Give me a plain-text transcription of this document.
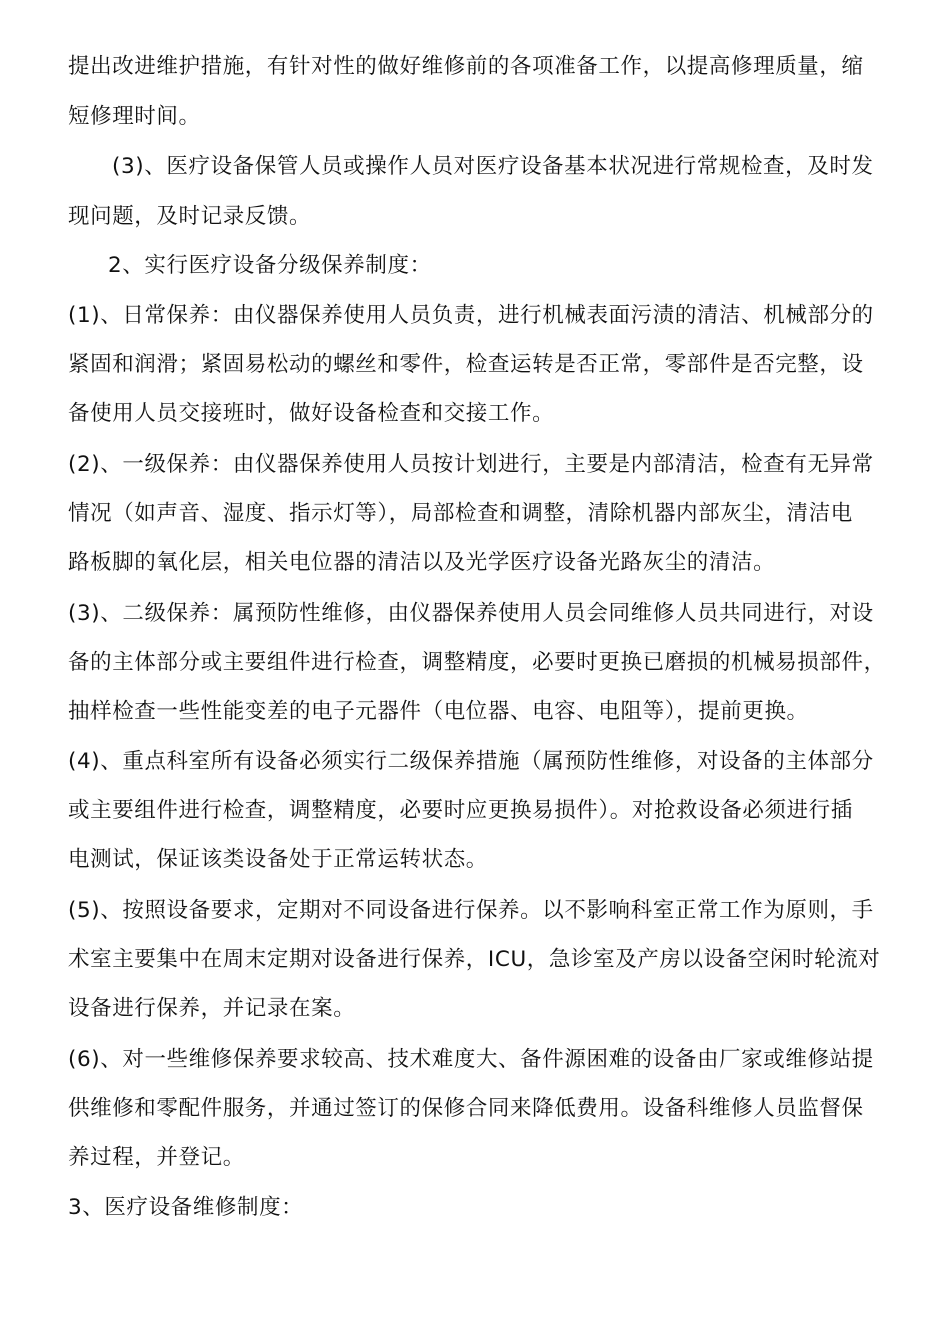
提出改进维护措施，有针对性的做好维修前的各项准备工作，以提高修理质量，缩
短修理时间。
(3)、医疗设备保管人员或操作人员对医疗设备基本状况进行常规检查，及时发
现问题，及时记录反馈。
2、实行医疗设备分级保养制度：
(1)、日常保养：由仪器保养使用人员负责，进行机械表面污渍的清洁、机械部分的
紧固和润滑；紧固易松动的螺丝和零件，检查运转是否正常，零部件是否完整，设
备使用人员交接班时，做好设备检查和交接工作。
(2)、一级保养：由仪器保养使用人员按计划进行，主要是内部清洁，检查有无异常
情况（如声音、湿度、指示灯等），局部检查和调整，清除机器内部灰尘，清洁电
路板脚的氧化层，相关电位器的清洁以及光学医疗设备光路灰尘的清洁。
(3)、二级保养：属预防性维修，由仪器保养使用人员会同维修人员共同进行，对设
备的主体部分或主要组件进行检查，调整精度，必要时更换已磨损的机械易损部件，
抽样检查一些性能变差的电子元器件（电位器、电容、电阻等），提前更换。
(4)、重点科室所有设备必须实行二级保养措施（属预防性维修，对设备的主体部分
或主要组件进行检查，调整精度，必要时应更换易损件）。对抢救设备必须进行插
电测试，保证该类设备处于正常运转状态。
(5)、按照设备要求，定期对不同设备进行保养。以不影响科室正常工作为原则，手
术室主要集中在周末定期对设备进行保养，ICU，急诊室及产房以设备空闲时轮流对
设备进行保养，并记录在案。
(6)、对一些维修保养要求较高、技术难度大、备件源困难的设备由厂家或维修站提
供维修和零配件服务，并通过签订的保修合同来降低费用。设备科维修人员监督保
养过程，并登记。
3、医疗设备维修制度：
